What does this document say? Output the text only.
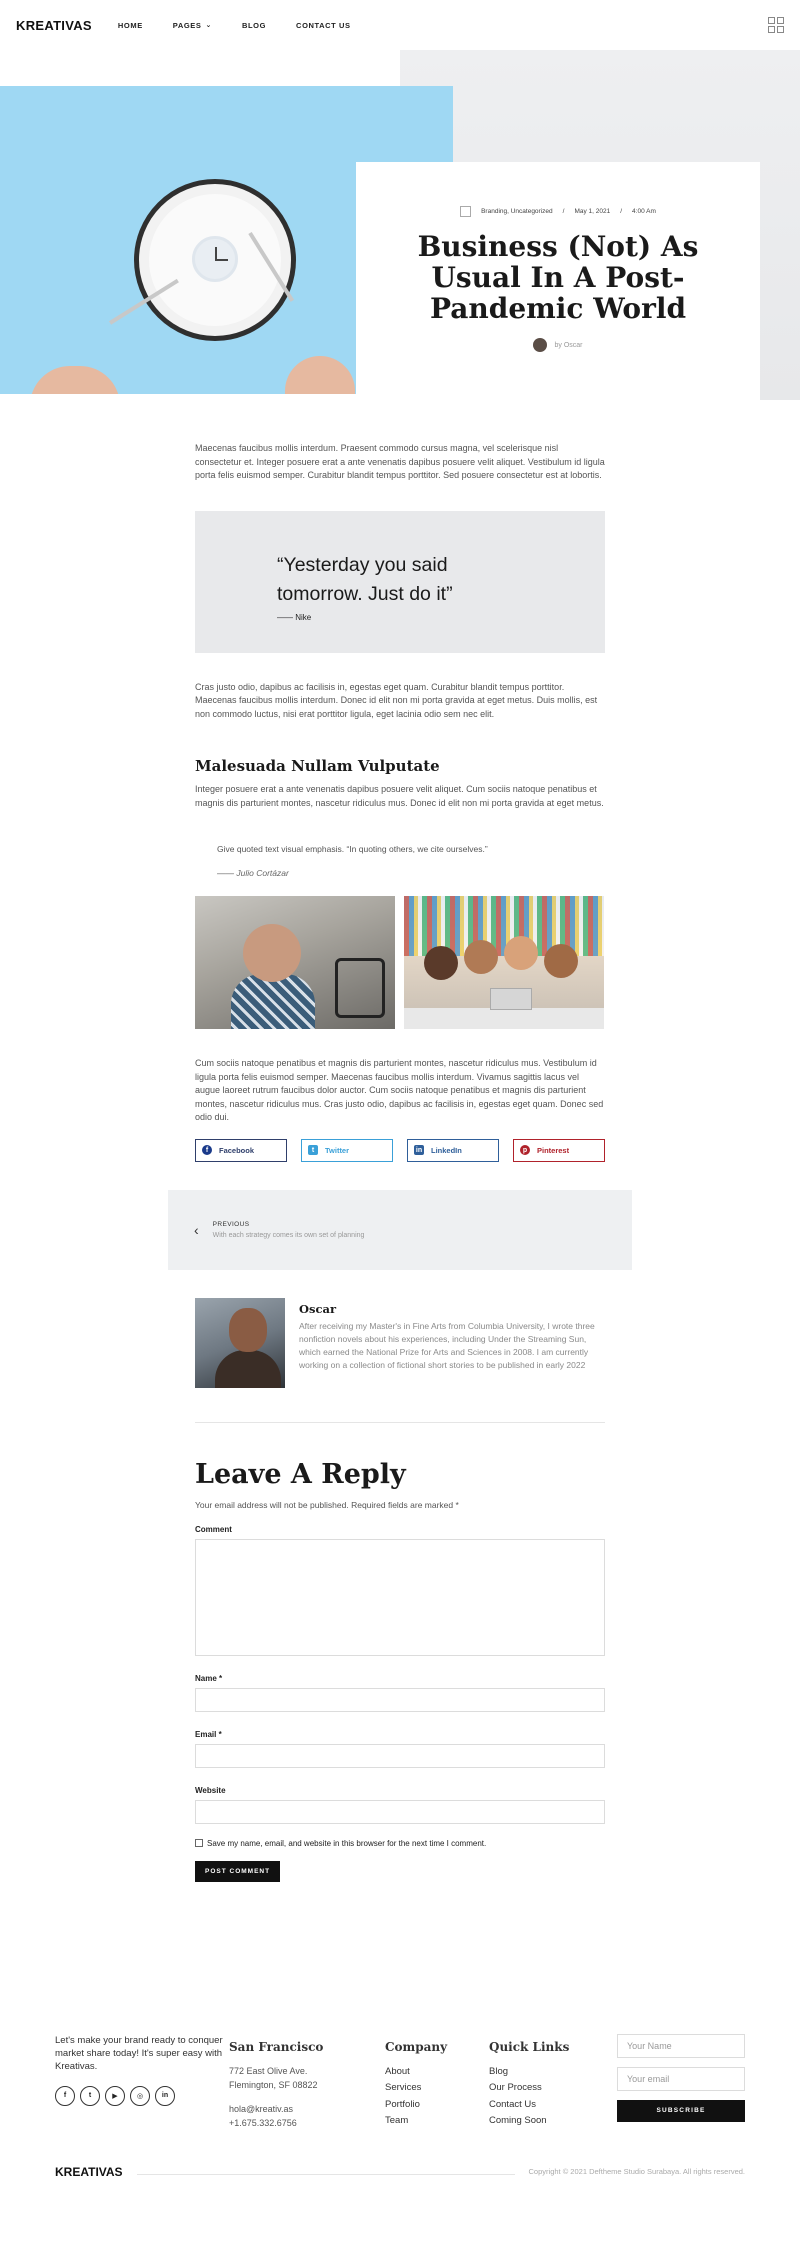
KREATIVAS	HOME	PAGES ⌄	BLOG	CONTACT US
Branding, Uncategorized / May 1, 2021 / 4:00 Am
Business (Not) As Usual In A Post-Pandemic World
by Oscar

Maecenas faucibus mollis interdum. Praesent commodo cursus magna, vel scelerisque nisl consectetur et. Integer posuere erat a ante venenatis dapibus posuere velit aliquet. Vestibulum id ligula porta felis euismod semper. Curabitur blandit tempus porttitor. Sed posuere consectetur est at lobortis.

“Yesterday you said tomorrow. Just do it”
—— Nike

Cras justo odio, dapibus ac facilisis in, egestas eget quam. Curabitur blandit tempus porttitor. Maecenas faucibus mollis interdum. Donec id elit non mi porta gravida at eget metus. Duis mollis, est non commodo luctus, nisi erat porttitor ligula, eget lacinia odio sem nec elit.

Malesuada Nullam Vulputate

Integer posuere erat a ante venenatis dapibus posuere velit aliquet. Cum sociis natoque penatibus et magnis dis parturient montes, nascetur ridiculus mus. Donec id elit non mi porta gravida at eget metus.

Give quoted text visual emphasis. “In quoting others, we cite ourselves.”
—— Julio Cortázar

Cum sociis natoque penatibus et magnis dis parturient montes, nascetur ridiculus mus. Vestibulum id ligula porta felis euismod semper. Maecenas faucibus mollis interdum. Vivamus sagittis lacus vel augue laoreet rutrum faucibus dolor auctor. Cum sociis natoque penatibus et magnis dis parturient montes, nascetur ridiculus mus. Cras justo odio, dapibus ac facilisis in, egestas eget quam. Donec sed odio dui.

f	Facebook	t	Twitter	in LinkedIn	p	Pinterest
‹ PREVIOUS
With each strategy comes its own set of planning
Oscar
After receiving my Master's in Fine Arts from Columbia University, I wrote three nonfiction novels about his experiences, including Under the Streaming Sun, which earned the National Prize for Arts and Sciences in 2008. I am currently working on a collection of fictional short stories to be published in early 2022
Leave A Reply
Your email address will not be published. Required fields are marked *
Comment
Name *
Email *
Website
Save my name, email, and website in this browser for the next time I comment.
POST COMMENT
Let's make your brand ready to conquer market share today! It's super easy with Kreativas.
f	t	▶	◎	in
San Francisco
772 East Olive Ave.
Flemington, SF 08822
hola@kreativ.as
+1.675.332.6756
Company
About
Services
Portfolio
Team
Quick Links
Blog
Our Process
Contact Us
Coming Soon
Your Name
Your email
SUBSCRIBE
KREATIVAS	Copyright © 2021 Deftheme Studio Surabaya. All rights reserved.
